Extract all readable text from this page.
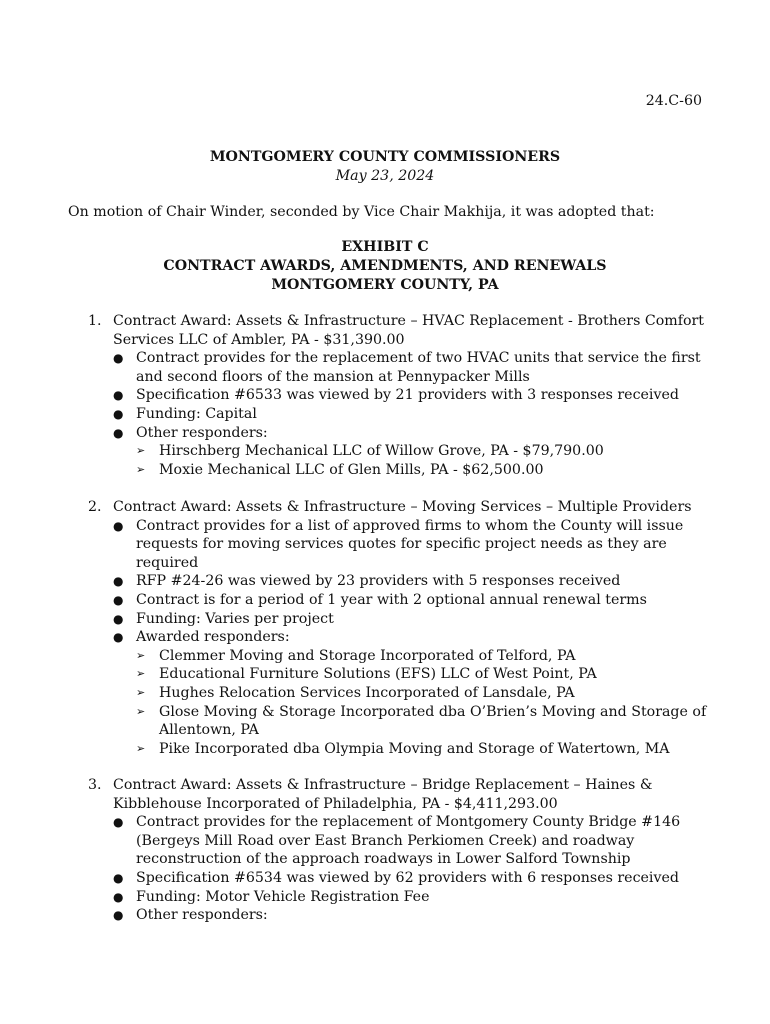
24.C-60
MONTGOMERY COUNTY COMMISSIONERS
May 23, 2024
On motion of Chair Winder, seconded by Vice Chair Makhija, it was adopted that:
EXHIBIT C
CONTRACT AWARDS, AMENDMENTS, AND RENEWALS
MONTGOMERY COUNTY, PA
1. Contract Award: Assets & Infrastructure – HVAC Replacement - Brothers Comfort Services LLC of Ambler, PA - $31,390.00
● Contract provides for the replacement of two HVAC units that service the first and second floors of the mansion at Pennypacker Mills
● Specification #6533 was viewed by 21 providers with 3 responses received
● Funding: Capital
● Other responders:
➢ Hirschberg Mechanical LLC of Willow Grove, PA - $79,790.00
➢ Moxie Mechanical LLC of Glen Mills, PA - $62,500.00
2. Contract Award: Assets & Infrastructure – Moving Services – Multiple Providers
● Contract provides for a list of approved firms to whom the County will issue requests for moving services quotes for specific project needs as they are required
● RFP #24-26 was viewed by 23 providers with 5 responses received
● Contract is for a period of 1 year with 2 optional annual renewal terms
● Funding: Varies per project
● Awarded responders:
➢ Clemmer Moving and Storage Incorporated of Telford, PA
➢ Educational Furniture Solutions (EFS) LLC of West Point, PA
➢ Hughes Relocation Services Incorporated of Lansdale, PA
➢ Glose Moving & Storage Incorporated dba O’Brien’s Moving and Storage of Allentown, PA
➢ Pike Incorporated dba Olympia Moving and Storage of Watertown, MA
3. Contract Award: Assets & Infrastructure – Bridge Replacement – Haines & Kibblehouse Incorporated of Philadelphia, PA - $4,411,293.00
● Contract provides for the replacement of Montgomery County Bridge #146 (Bergeys Mill Road over East Branch Perkiomen Creek) and roadway reconstruction of the approach roadways in Lower Salford Township
● Specification #6534 was viewed by 62 providers with 6 responses received
● Funding: Motor Vehicle Registration Fee
● Other responders:
